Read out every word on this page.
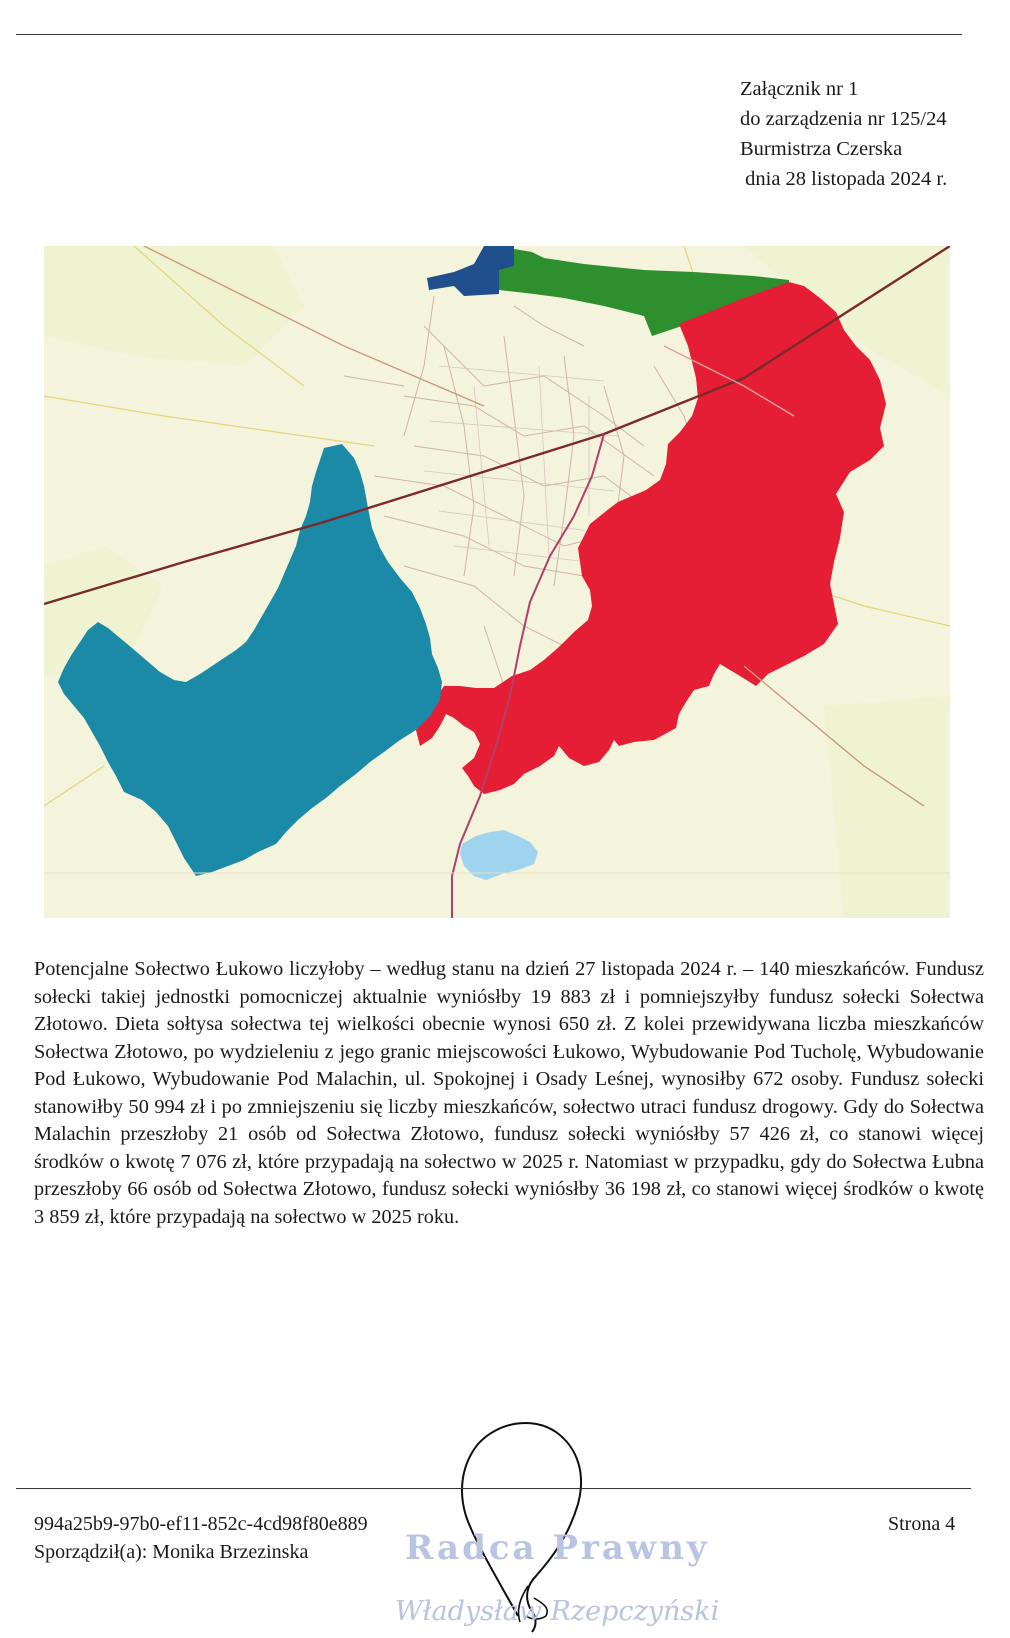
Załącznik nr 1
do zarządzenia nr 125/24
Burmistrza Czerska
dnia 28 listopada 2024 r.

Potencjalne Sołectwo Łukowo liczyłoby – według stanu na dzień 27 listopada 2024 r. – 140 mieszkańców. Fundusz sołecki takiej jednostki pomocniczej aktualnie wyniósłby 19 883 zł i pomniejszyłby fundusz sołecki Sołectwa Złotowo. Dieta sołtysa sołectwa tej wielkości obecnie wynosi 650 zł. Z kolei przewidywana liczba mieszkańców Sołectwa Złotowo, po wydzieleniu z jego granic miejscowości Łukowo, Wybudowanie Pod Tucholę, Wybudowanie Pod Łukowo, Wybudowanie Pod Malachin, ul. Spokojnej i Osady Leśnej, wynosiłby 672 osoby. Fundusz sołecki stanowiłby 50 994 zł i po zmniejszeniu się liczby mieszkańców, sołectwo utraci fundusz drogowy. Gdy do Sołectwa Malachin przeszłoby 21 osób od Sołectwa Złotowo, fundusz sołecki wyniósłby 57 426 zł, co stanowi więcej środków o kwotę 7 076 zł, które przypadają na sołectwo w 2025 r. Natomiast w przypadku, gdy do Sołectwa Łubna przeszłoby 66 osób od Sołectwa Złotowo, fundusz sołecki wyniósłby 36 198 zł, co stanowi więcej środków o kwotę 3 859 zł, które przypadają na sołectwo w 2025 roku.

Radca Prawny
Władysław Rzepczyński
994a25b9-97b0-ef11-852c-4cd98f80e889
Sporządził(a): Monika Brzezinska
Strona 4
